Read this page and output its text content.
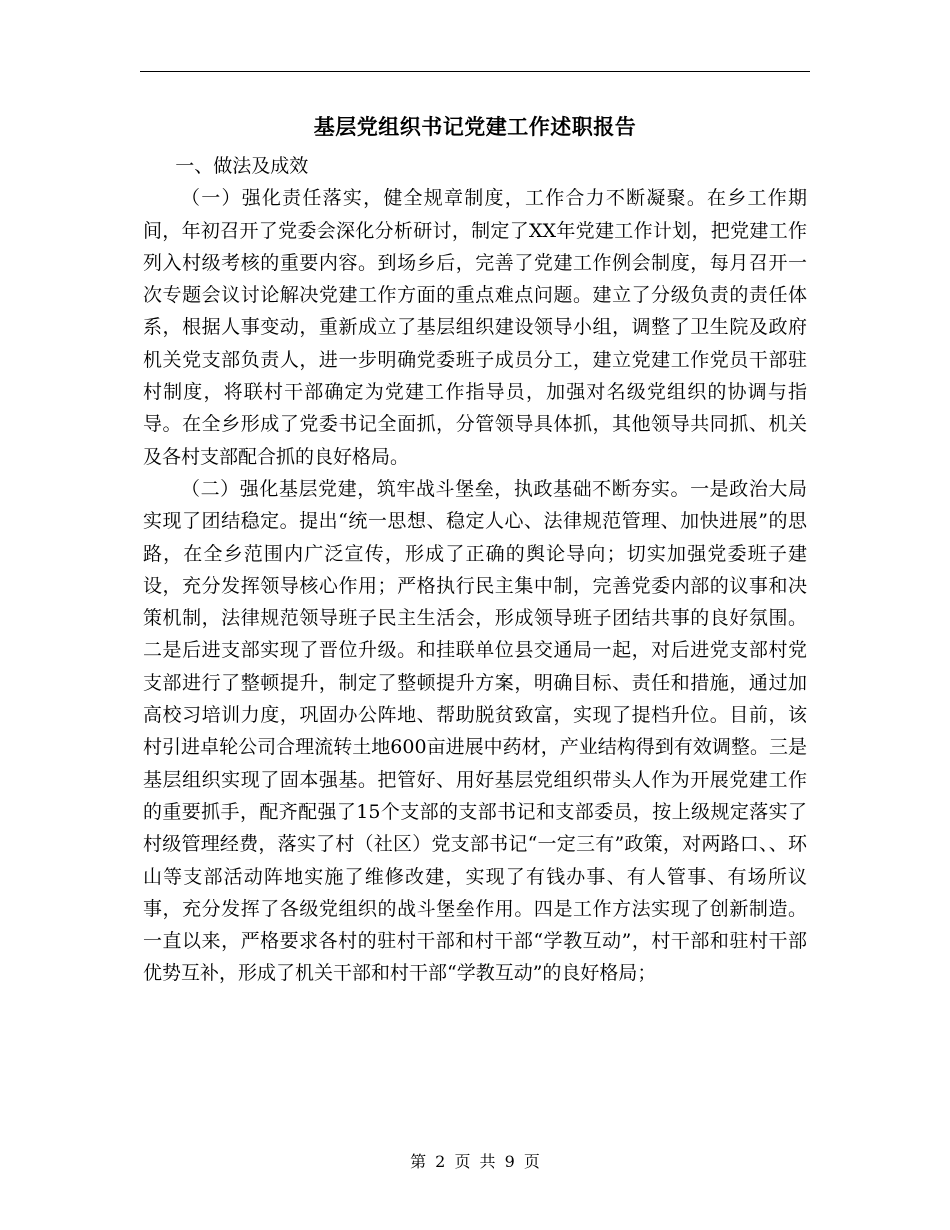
基层党组织书记党建工作述职报告

一、做法及成效

（一）强化责任落实，健全规章制度，工作合力不断凝聚。在乡工作期间，年初召开了党委会深化分析研讨，制定了XX年党建工作计划，把党建工作列入村级考核的重要内容。到场乡后，完善了党建工作例会制度，每月召开一次专题会议讨论解决党建工作方面的重点难点问题。建立了分级负责的责任体系，根据人事变动，重新成立了基层组织建设领导小组，调整了卫生院及政府机关党支部负责人，进一步明确党委班子成员分工，建立党建工作党员干部驻村制度，将联村干部确定为党建工作指导员，加强对名级党组织的协调与指导。在全乡形成了党委书记全面抓，分管领导具体抓，其他领导共同抓、机关及各村支部配合抓的良好格局。

（二）强化基层党建，筑牢战斗堡垒，执政基础不断夯实。一是政治大局实现了团结稳定。提出“统一思想、稳定人心、法律规范管理、加快进展”的思路，在全乡范围内广泛宣传，形成了正确的舆论导向；切实加强党委班子建设，充分发挥领导核心作用；严格执行民主集中制，完善党委内部的议事和决策机制，法律规范领导班子民主生活会，形成领导班子团结共事的良好氛围。二是后进支部实现了晋位升级。和挂联单位县交通局一起，对后进党支部村党支部进行了整顿提升，制定了整顿提升方案，明确目标、责任和措施，通过加高校习培训力度，巩固办公阵地、帮助脱贫致富，实现了提档升位。目前，该村引进卓轮公司合理流转土地600亩进展中药材，产业结构得到有效调整。三是基层组织实现了固本强基。把管好、用好基层党组织带头人作为开展党建工作的重要抓手，配齐配强了15个支部的支部书记和支部委员，按上级规定落实了村级管理经费，落实了村（社区）党支部书记“一定三有”政策，对两路口、、环山等支部活动阵地实施了维修改建，实现了有钱办事、有人管事、有场所议事，充分发挥了各级党组织的战斗堡垒作用。四是工作方法实现了创新制造。一直以来，严格要求各村的驻村干部和村干部“学教互动”，村干部和驻村干部优势互补，形成了机关干部和村干部“学教互动”的良好格局；

第 2 页 共 9 页
